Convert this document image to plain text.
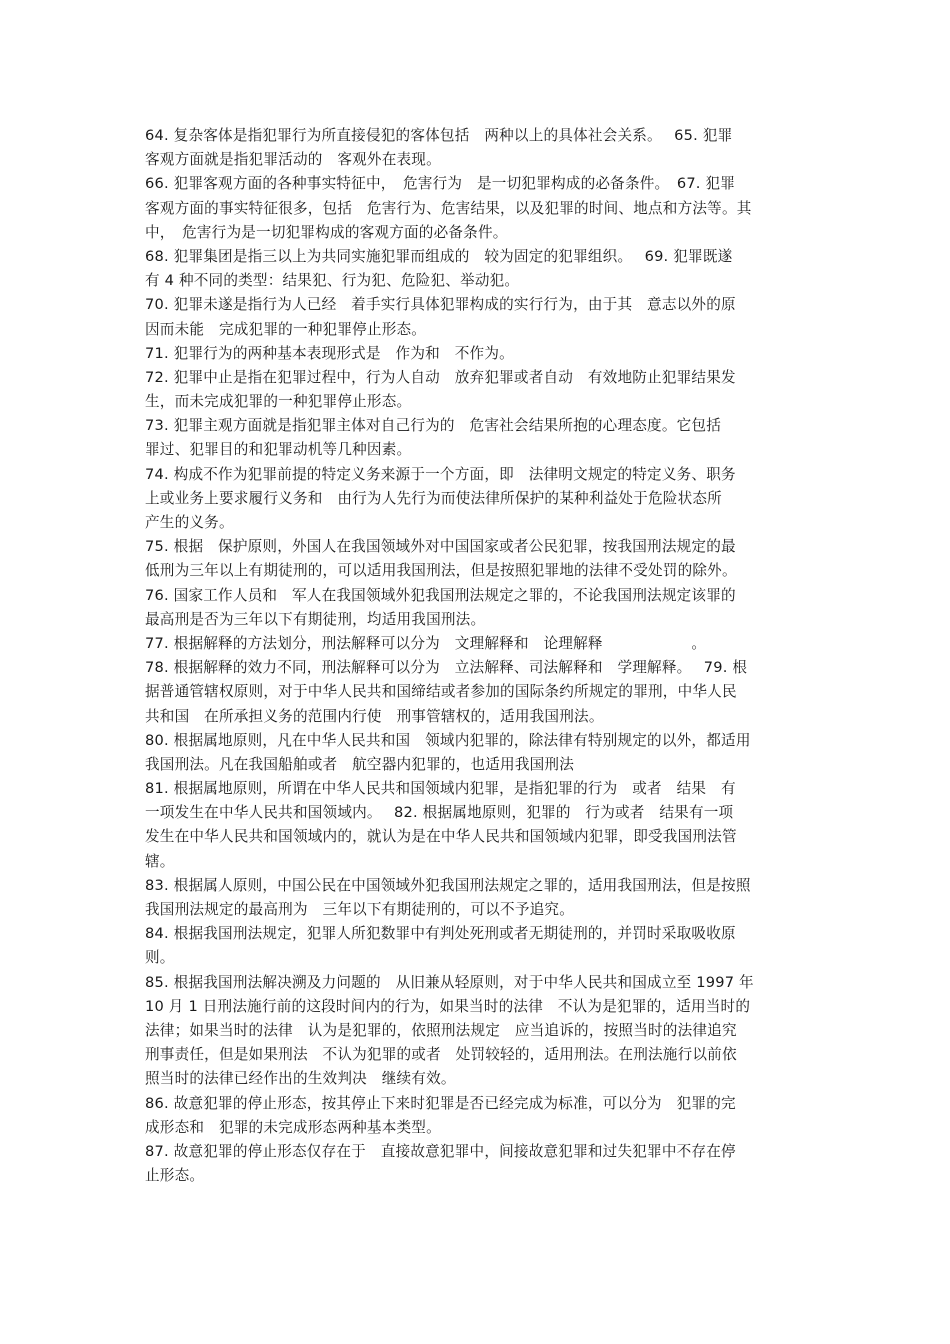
64. 复杂客体是指犯罪行为所直接侵犯的客体包括　两种以上的具体社会关系。　 65. 犯罪
客观方面就是指犯罪活动的　客观外在表现。
66. 犯罪客观方面的各种事实特征中，　危害行为　是一切犯罪构成的必备条件。　67. 犯罪
客观方面的事实特征很多，包括　危害行为、危害结果，以及犯罪的时间、地点和方法等。其
中，　危害行为是一切犯罪构成的客观方面的必备条件。
68. 犯罪集团是指三以上为共同实施犯罪而组成的　较为固定的犯罪组织。　 69. 犯罪既遂
有 4 种不同的类型：结果犯、行为犯、危险犯、举动犯。
70. 犯罪未遂是指行为人已经　着手实行具体犯罪构成的实行行为，由于其　意志以外的原
因而未能　完成犯罪的一种犯罪停止形态。
71. 犯罪行为的两种基本表现形式是　作为和　不作为。
72. 犯罪中止是指在犯罪过程中，行为人自动　放弃犯罪或者自动　有效地防止犯罪结果发
生，而未完成犯罪的一种犯罪停止形态。
73. 犯罪主观方面就是指犯罪主体对自己行为的　危害社会结果所抱的心理态度。它包括
罪过、犯罪目的和犯罪动机等几种因素。
74. 构成不作为犯罪前提的特定义务来源于一个方面，即　法律明文规定的特定义务、职务
上或业务上要求履行义务和　由行为人先行为而使法律所保护的某种利益处于危险状态所
产生的义务。
75. 根据　保护原则，外国人在我国领域外对中国国家或者公民犯罪，按我国刑法规定的最
低刑为三年以上有期徒刑的，可以适用我国刑法，但是按照犯罪地的法律不受处罚的除外。
76. 国家工作人员和　军人在我国领域外犯我国刑法规定之罪的，不论我国刑法规定该罪的
最高刑是否为三年以下有期徒刑，均适用我国刑法。
77. 根据解释的方法划分，刑法解释可以分为　文理解释和　论理解释　　　　　　。
78. 根据解释的效力不同，刑法解释可以分为　立法解释、司法解释和　学理解释。　 79. 根
据普通管辖权原则，对于中华人民共和国缔结或者参加的国际条约所规定的罪刑，中华人民
共和国　在所承担义务的范围内行使　刑事管辖权的，适用我国刑法。
80. 根据属地原则，凡在中华人民共和国　领域内犯罪的，除法律有特别规定的以外，都适用
我国刑法。凡在我国船舶或者　航空器内犯罪的，也适用我国刑法
81. 根据属地原则，所谓在中华人民共和国领域内犯罪，是指犯罪的行为　或者　结果　有
一项发生在中华人民共和国领域内。　 82. 根据属地原则，犯罪的　行为或者　结果有一项
发生在中华人民共和国领域内的，就认为是在中华人民共和国领域内犯罪，即受我国刑法管
辖。
83. 根据属人原则，中国公民在中国领域外犯我国刑法规定之罪的，适用我国刑法，但是按照
我国刑法规定的最高刑为　三年以下有期徒刑的，可以不予追究。
84. 根据我国刑法规定，犯罪人所犯数罪中有判处死刑或者无期徒刑的，并罚时采取吸收原
则。
85. 根据我国刑法解决溯及力问题的　从旧兼从轻原则，对于中华人民共和国成立至 1997 年
10 月 1 日刑法施行前的这段时间内的行为，如果当时的法律　不认为是犯罪的，适用当时的
法律；如果当时的法律　认为是犯罪的，依照刑法规定　应当追诉的，按照当时的法律追究
刑事责任，但是如果刑法　不认为犯罪的或者　处罚较轻的，适用刑法。在刑法施行以前依
照当时的法律已经作出的生效判决　继续有效。
86. 故意犯罪的停止形态，按其停止下来时犯罪是否已经完成为标准，可以分为　犯罪的完
成形态和　犯罪的未完成形态两种基本类型。
87. 故意犯罪的停止形态仅存在于　直接故意犯罪中，间接故意犯罪和过失犯罪中不存在停
止形态。
